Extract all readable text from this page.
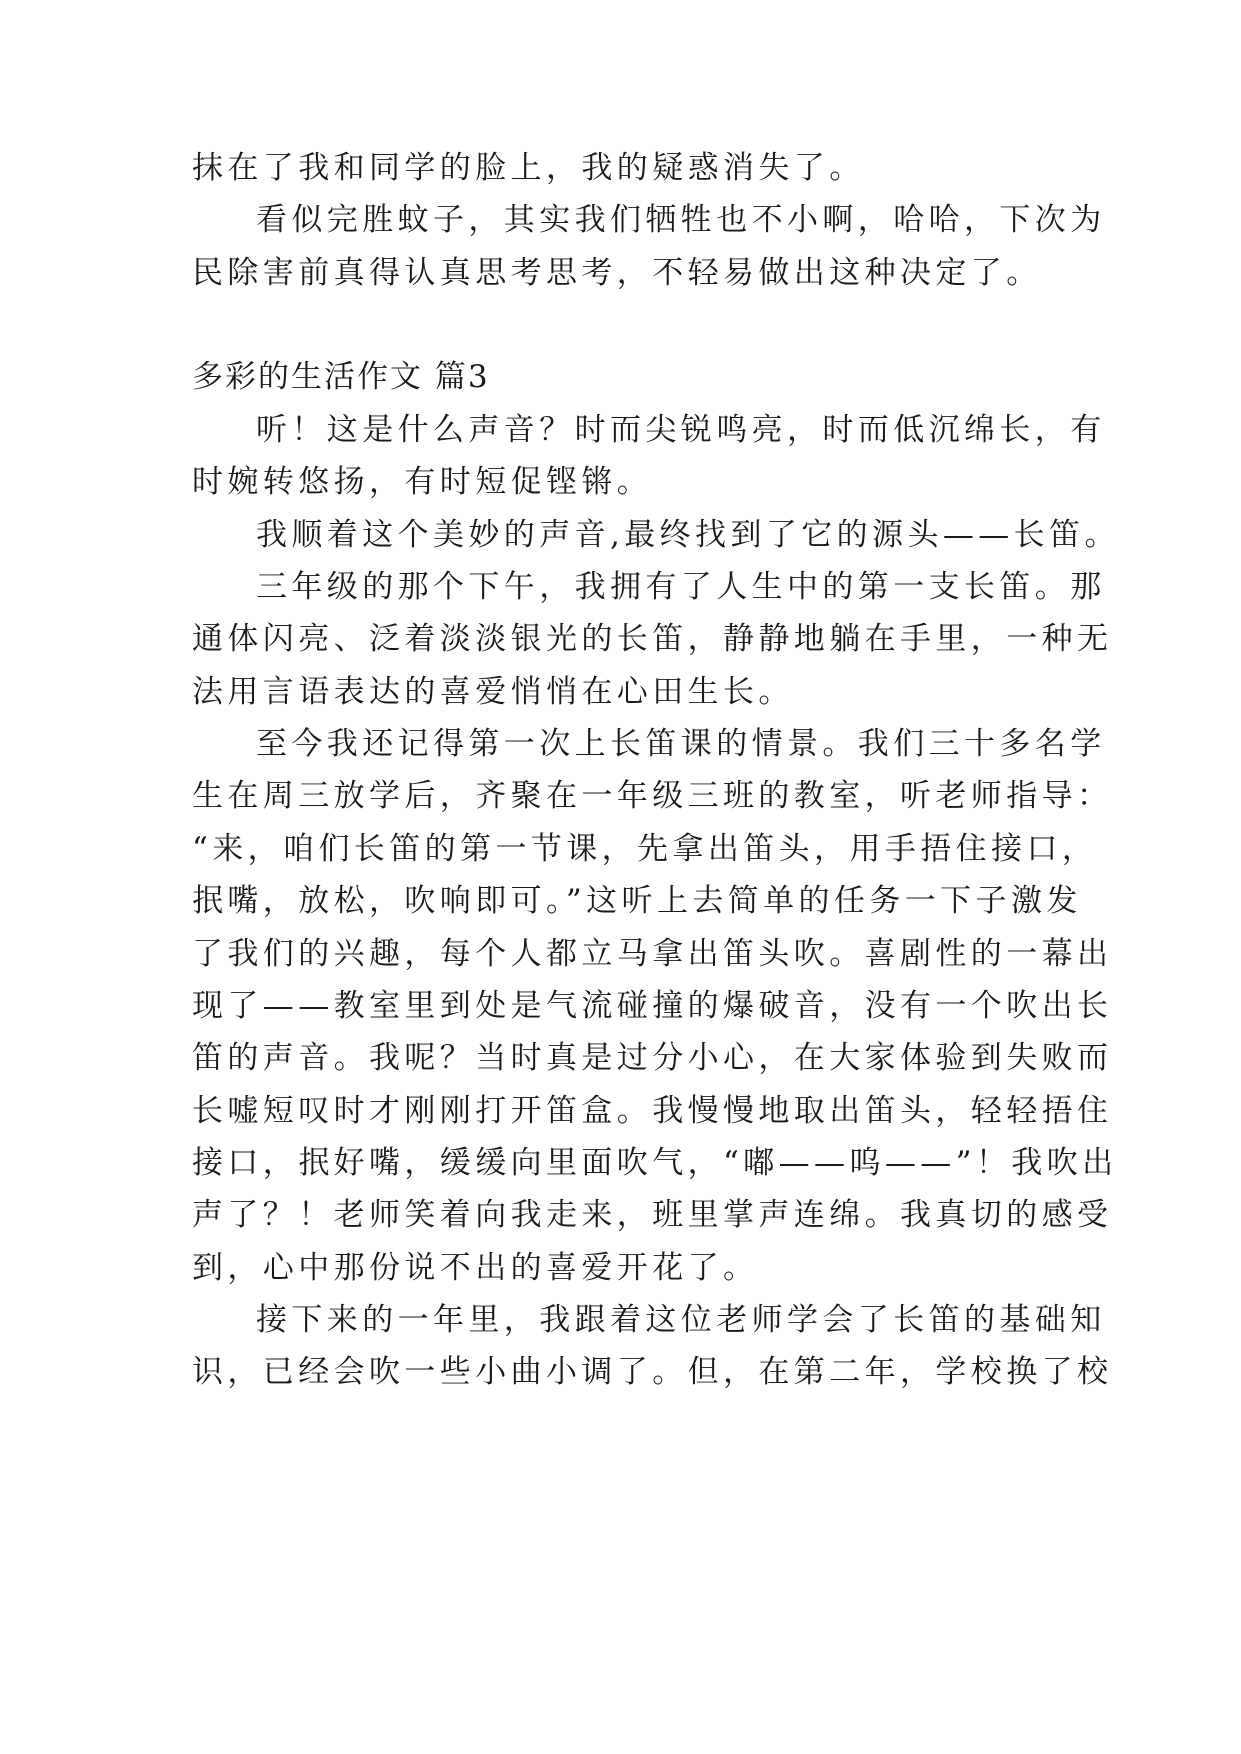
抹在了我和同学的脸上，我的疑惑消失了。
看似完胜蚊子，其实我们牺牲也不小啊，哈哈，下次为
民除害前真得认真思考思考，不轻易做出这种决定了。
多彩的生活作文 篇3
听！这是什么声音？时而尖锐鸣亮，时而低沉绵长，有
时婉转悠扬，有时短促铿锵。
我顺着这个美妙的声音,最终找到了它的源头——长笛。
三年级的那个下午，我拥有了人生中的第一支长笛。那
通体闪亮、泛着淡淡银光的长笛，静静地躺在手里，一种无
法用言语表达的喜爱悄悄在心田生长。
至今我还记得第一次上长笛课的情景。我们三十多名学
生在周三放学后，齐聚在一年级三班的教室，听老师指导：
“来，咱们长笛的第一节课，先拿出笛头，用手捂住接口，
抿嘴，放松，吹响即可。”这听上去简单的任务一下子激发
了我们的兴趣，每个人都立马拿出笛头吹。喜剧性的一幕出
现了——教室里到处是气流碰撞的爆破音，没有一个吹出长
笛的声音。我呢？当时真是过分小心，在大家体验到失败而
长嘘短叹时才刚刚打开笛盒。我慢慢地取出笛头，轻轻捂住
接口，抿好嘴，缓缓向里面吹气，“嘟——呜——”！我吹出
声了？！老师笑着向我走来，班里掌声连绵。我真切的感受
到，心中那份说不出的喜爱开花了。
接下来的一年里，我跟着这位老师学会了长笛的基础知
识，已经会吹一些小曲小调了。但，在第二年，学校换了校
